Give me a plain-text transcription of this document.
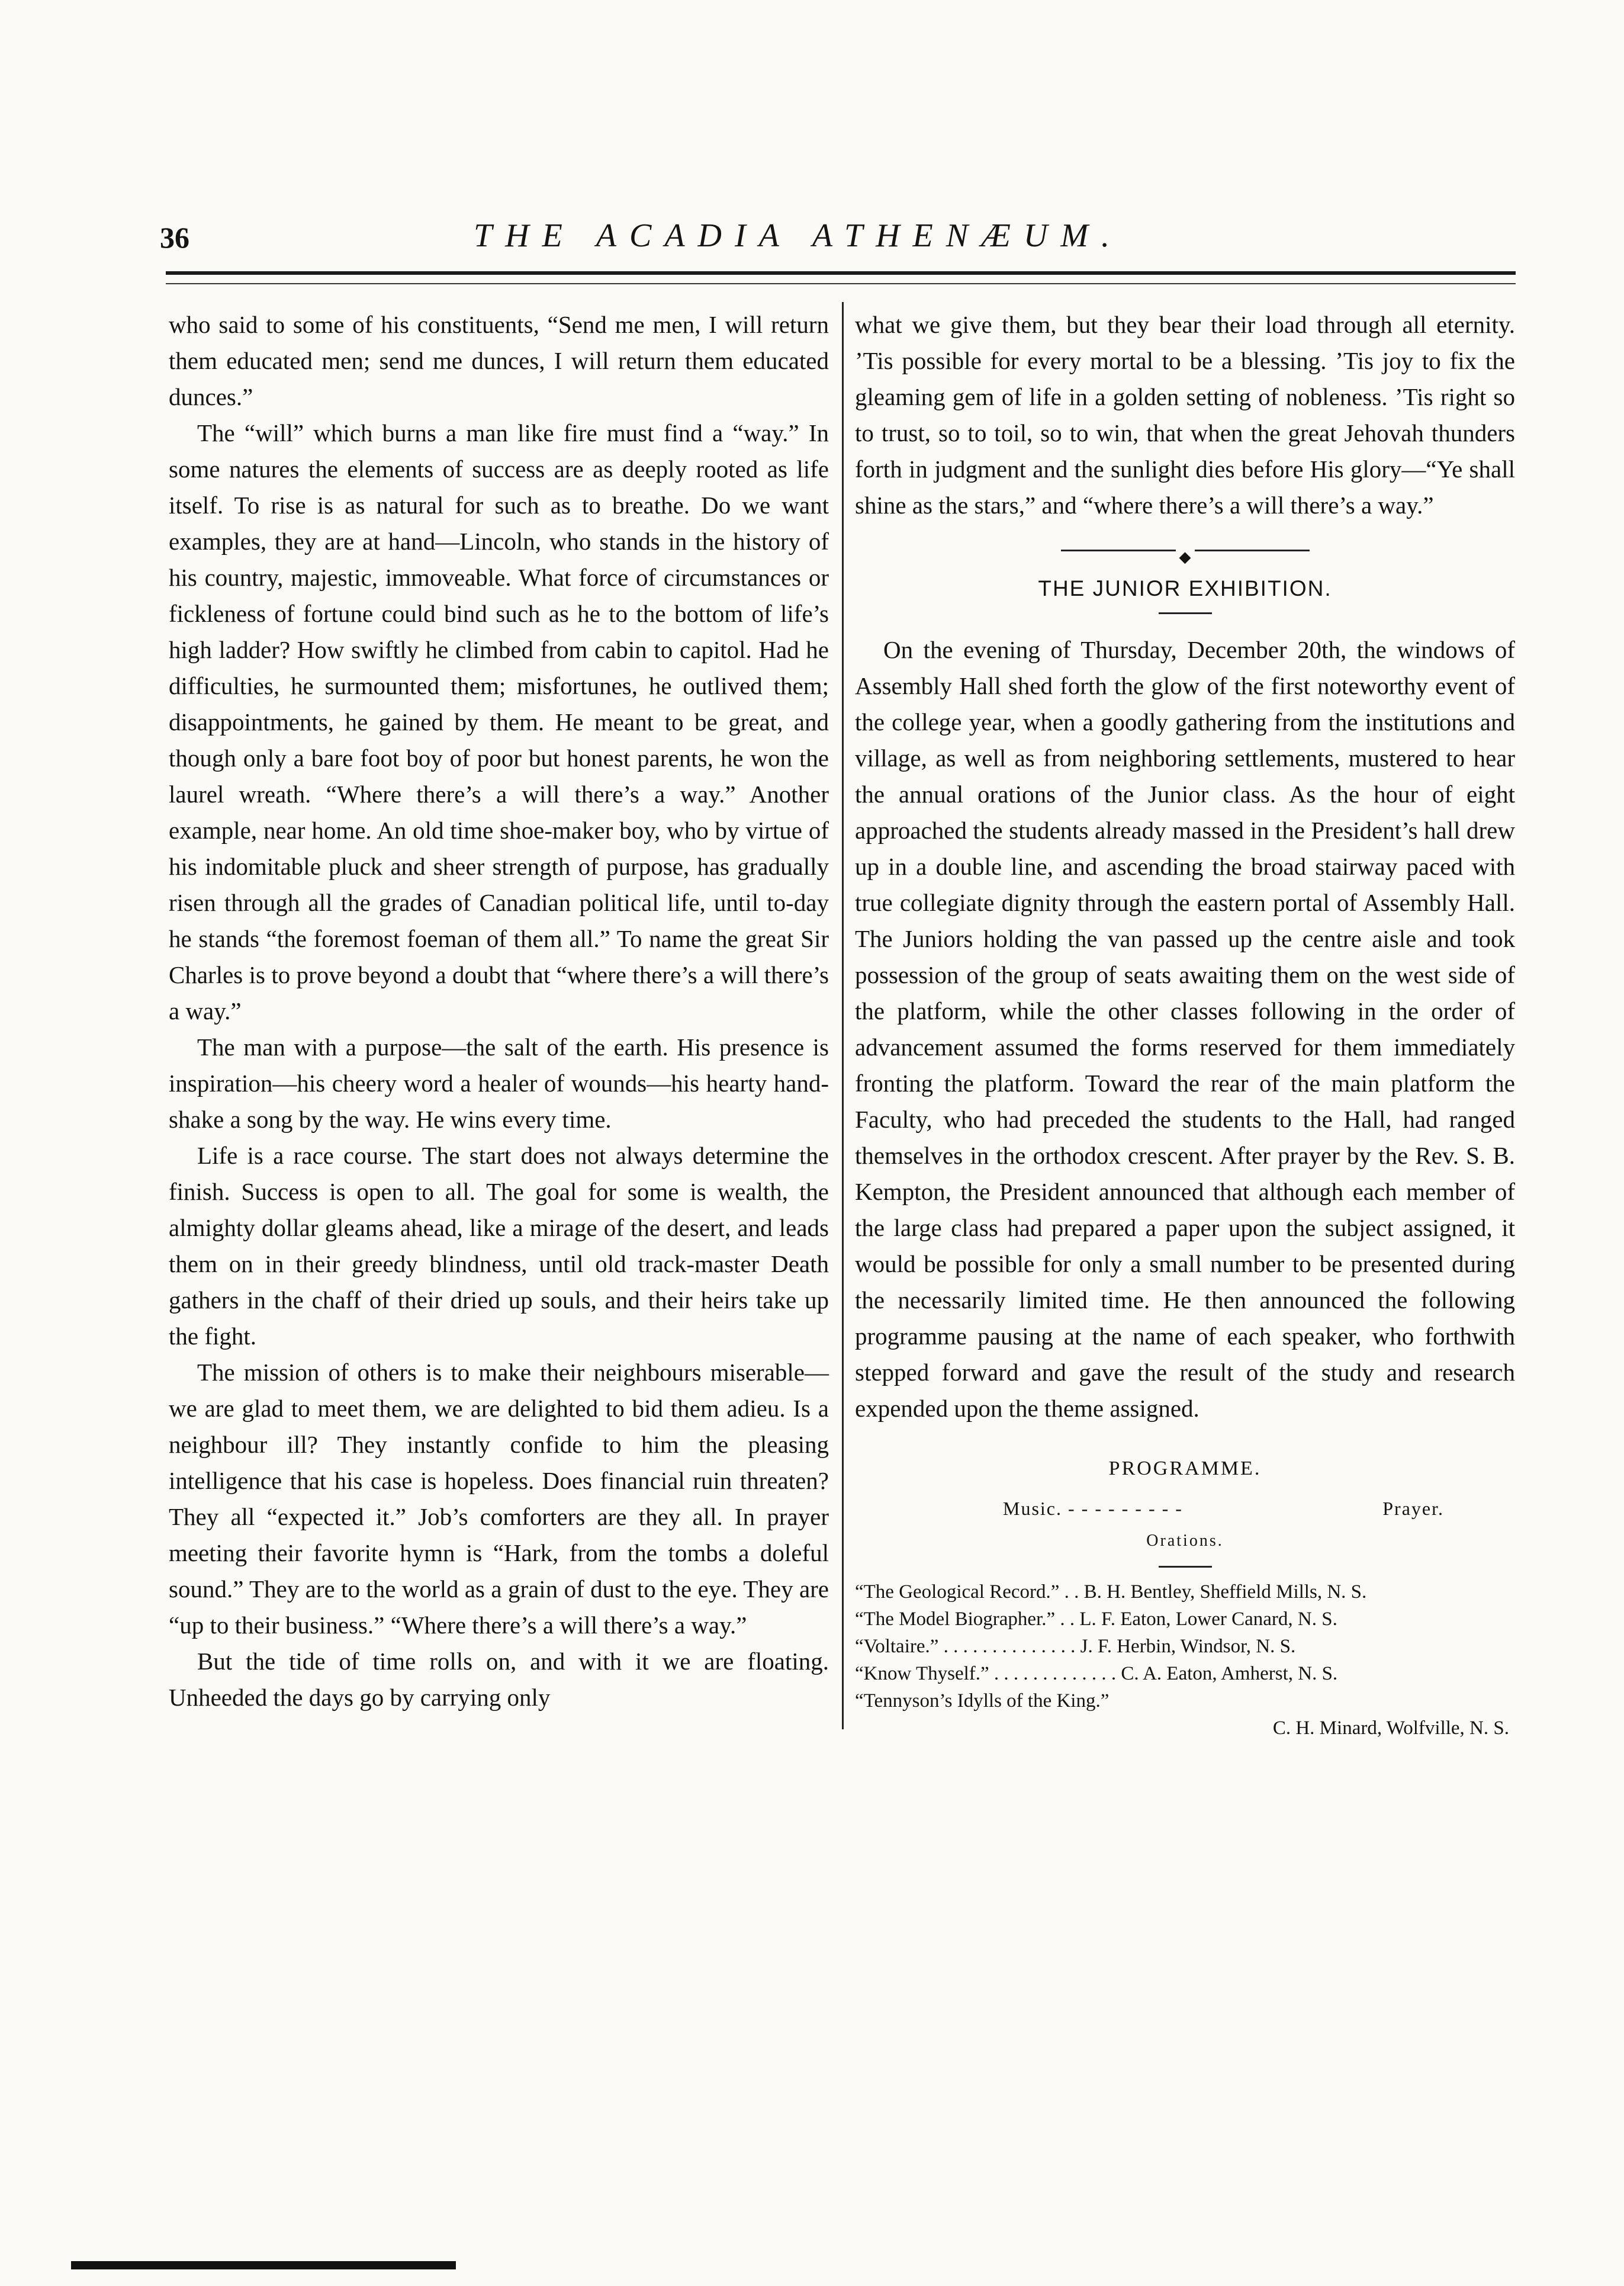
36	THE ACADIA ATHENÆUM.

who said to some of his constituents, “Send me men, I will return them educated men; send me dunces, I will return them educated dunces.”

The “will” which burns a man like fire must find a “way.” In some natures the elements of success are as deeply rooted as life itself. To rise is as natural for such as to breathe. Do we want examples, they are at hand—Lincoln, who stands in the history of his country, majestic, immoveable. What force of circumstances or fickleness of fortune could bind such as he to the bottom of life’s high ladder? How swiftly he climbed from cabin to capitol. Had he difficulties, he surmounted them; misfortunes, he outlived them; disappointments, he gained by them. He meant to be great, and though only a bare foot boy of poor but honest parents, he won the laurel wreath. “Where there’s a will there’s a way.” Another example, near home. An old time shoe-maker boy, who by virtue of his indomitable pluck and sheer strength of purpose, has gradually risen through all the grades of Canadian political life, until to-day he stands “the foremost foeman of them all.” To name the great Sir Charles is to prove beyond a doubt that “where there’s a will there’s a way.”

The man with a purpose—the salt of the earth. His presence is inspiration—his cheery word a healer of wounds—his hearty hand-shake a song by the way. He wins every time.

Life is a race course. The start does not always determine the finish. Success is open to all. The goal for some is wealth, the almighty dollar gleams ahead, like a mirage of the desert, and leads them on in their greedy blindness, until old track-master Death gathers in the chaff of their dried up souls, and their heirs take up the fight.

The mission of others is to make their neighbours miserable—we are glad to meet them, we are delighted to bid them adieu. Is a neighbour ill? They instantly confide to him the pleasing intelligence that his case is hopeless. Does financial ruin threaten? They all “expected it.” Job’s comforters are they all. In prayer meeting their favorite hymn is “Hark, from the tombs a doleful sound.” They are to the world as a grain of dust to the eye. They are “up to their business.” “Where there’s a will there’s a way.”

But the tide of time rolls on, and with it we are floating. Unheeded the days go by carrying only

what we give them, but they bear their load through all eternity. ’Tis possible for every mortal to be a blessing. ’Tis joy to fix the gleaming gem of life in a golden setting of nobleness. ’Tis right so to trust, so to toil, so to win, that when the great Jehovah thunders forth in judgment and the sunlight dies before His glory—“Ye shall shine as the stars,” and “where there’s a will there’s a way.”

◆
THE JUNIOR EXHIBITION.

On the evening of Thursday, December 20th, the windows of Assembly Hall shed forth the glow of the first noteworthy event of the college year, when a goodly gathering from the institutions and village, as well as from neighboring settlements, mustered to hear the annual orations of the Junior class. As the hour of eight approached the students already massed in the President’s hall drew up in a double line, and ascending the broad stairway paced with true collegiate dignity through the eastern portal of Assembly Hall. The Juniors holding the van passed up the centre aisle and took possession of the group of seats awaiting them on the west side of the platform, while the other classes following in the order of advancement assumed the forms reserved for them immediately fronting the platform. Toward the rear of the main platform the Faculty, who had preceded the students to the Hall, had ranged themselves in the orthodox crescent. After prayer by the Rev. S. B. Kempton, the President announced that although each member of the large class had prepared a paper upon the subject assigned, it would be possible for only a small number to be presented during the necessarily limited time. He then announced the following programme pausing at the name of each speaker, who forthwith stepped forward and gave the result of the study and research expended upon the theme assigned.

PROGRAMME.
Music. - - - - - - - - -	Prayer.
Orations.
“The Geological Record.” . . B. H. Bentley, Sheffield Mills, N. S.
“The Model Biographer.” . . L. F. Eaton, Lower Canard, N. S.
“Voltaire.” . . . . . . . . . . . . . . J. F. Herbin, Windsor, N. S.
“Know Thyself.” . . . . . . . . . . . . . C. A. Eaton, Amherst, N. S.
“Tennyson’s Idylls of the King.”
C. H. Minard, Wolfville, N. S.
